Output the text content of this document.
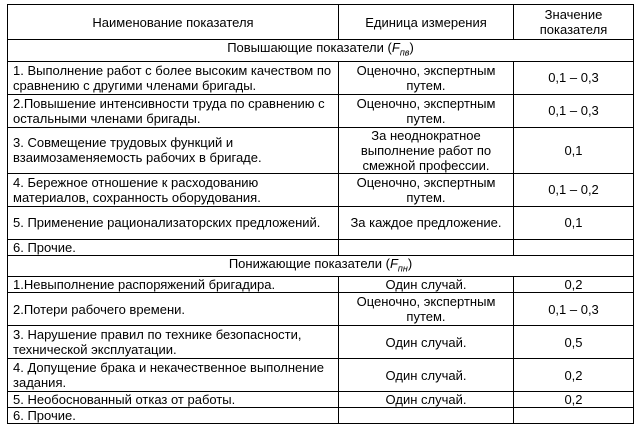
Наименование показателя	Единица измерения	Значение показателя
Повышающие показатели $(F_{пв})$		
1. Выполнение работ с более высоким качеством по сравнению с другими членами бригады.	Оценочно, экспертным путем.	0,1 – 0,3
2.Повышение интенсивности труда по сравнению с остальными членами бригады.	Оценочно, экспертным путем.	0,1 – 0,3
3. Совмещение трудовых функций и взаимозаменяемость рабочих в бригаде.	За неоднократное выполнение работ по смежной профессии.	0,1
4. Бережное отношение к расходованию материалов, сохранность оборудования.	Оценочно, экспертным путем.	0,1 – 0,2
5. Применение рационализаторских предложений.	За каждое предложение.	0,1
6. Прочие.		
Понижающие показатели $(F_{пн})$		
1.Невыполнение распоряжений бригадира.	Один случай.	0,2
2.Потери рабочего времени.	Оценочно, экспертным путем.	0,1 – 0,3
3. Нарушение правил по технике безопасности, технической эксплуатации.	Один случай.	0,5
4. Допущение брака и некачественное выполнение задания.	Один случай.	0,2
5. Необоснованный отказ от работы.	Один случай.	0,2
6. Прочие.		
